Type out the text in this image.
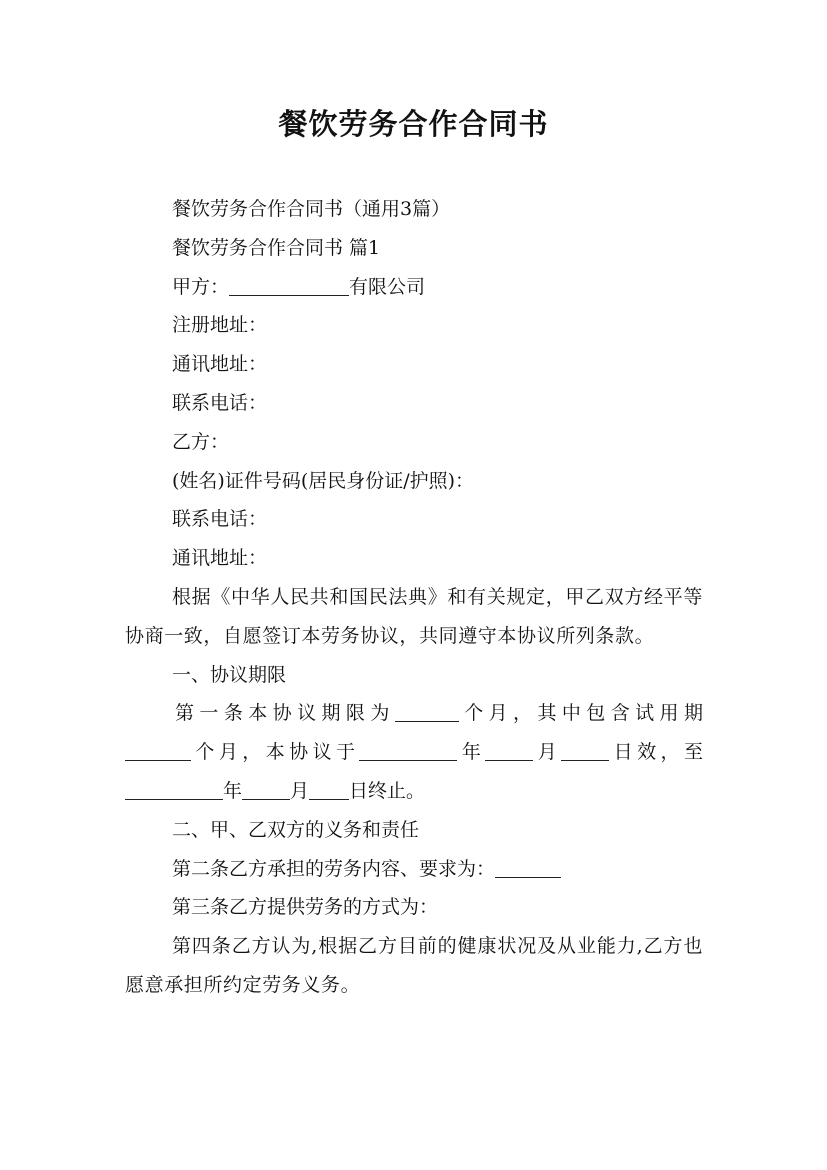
餐饮劳务合作合同书
餐饮劳务合作合同书（通用3篇）
餐饮劳务合作合同书 篇1
甲方：	有限公司
注册地址：
通讯地址：
联系电话：
乙方：
(姓名)证件号码(居民身份证/护照)：
联系电话：
通讯地址：
根据《中华人民共和国民法典》和有关规定，甲乙双方经平等协商一致，自愿签订本劳务协议，共同遵守本协议所列条款。
一、协议期限
第一条本协议期限为	个月，其中包含试用期
个月，本协议于	年	月	日效，至
年	月 日终止。
二、甲、乙双方的义务和责任
第二条乙方承担的劳务内容、要求为：
第三条乙方提供劳务的方式为：
第四条乙方认为,根据乙方目前的健康状况及从业能力,乙方也愿意承担所约定劳务义务。
